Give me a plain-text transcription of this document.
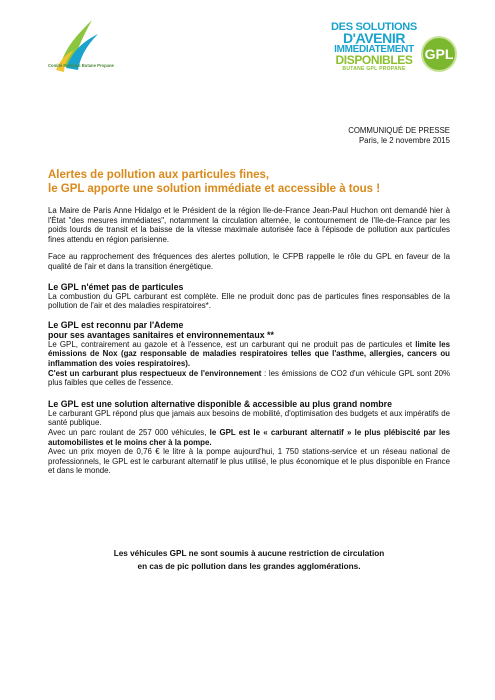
Comité Français Butane Propane
DES SOLUTIONS
D'AVENIR
IMMÉDIATEMENT
DISPONIBLES
BUTANE GPL PROPANE
GPL
COMMUNIQUÉ DE PRESSE
Paris, le 2 novembre 2015
Alertes de pollution aux particules fines,
le GPL apporte une solution immédiate et accessible à tous !

La Maire de Paris Anne Hidalgo et le Président de la région Ile-de-France Jean-Paul Huchon ont demandé hier à l'État "des mesures immédiates", notamment la circulation alternée, le contournement de l'Ile-de-France par les poids lourds de transit et la baisse de la vitesse maximale autorisée face à l'épisode de pollution aux particules fines attendu en région parisienne.

Face au rapprochement des fréquences des alertes pollution, le CFPB rappelle le rôle du GPL en faveur de la qualité de l'air et dans la transition énergétique.

Le GPL n'émet pas de particules
La combustion du GPL carburant est complète. Elle ne produit donc pas de particules fines responsables de la pollution de l'air et des maladies respiratoires*.
Le GPL est reconnu par l'Ademe
pour ses avantages sanitaires et environnementaux **
Le GPL, contrairement au gazole et à l'essence, est un carburant qui ne produit pas de particules et limite les émissions de Nox (gaz responsable de maladies respiratoires telles que l'asthme, allergies, cancers ou inflammation des voies respiratoires).
C'est un carburant plus respectueux de l'environnement : les émissions de CO2 d'un véhicule GPL sont 20% plus faibles que celles de l'essence.
Le GPL est une solution alternative disponible & accessible au plus grand nombre
Le carburant GPL répond plus que jamais aux besoins de mobilité, d'optimisation des budgets et aux impératifs de santé publique.
Avec un parc roulant de 257 000 véhicules, le GPL est le « carburant alternatif » le plus plébiscité par les automobilistes et le moins cher à la pompe.
Avec un prix moyen de 0,76 € le litre à la pompe aujourd'hui, 1 750 stations-service et un réseau national de professionnels, le GPL est le carburant alternatif le plus utilisé, le plus économique et le plus disponible en France et dans le monde.
Les véhicules GPL ne sont soumis à aucune restriction de circulation
en cas de pic pollution dans les grandes agglomérations.
